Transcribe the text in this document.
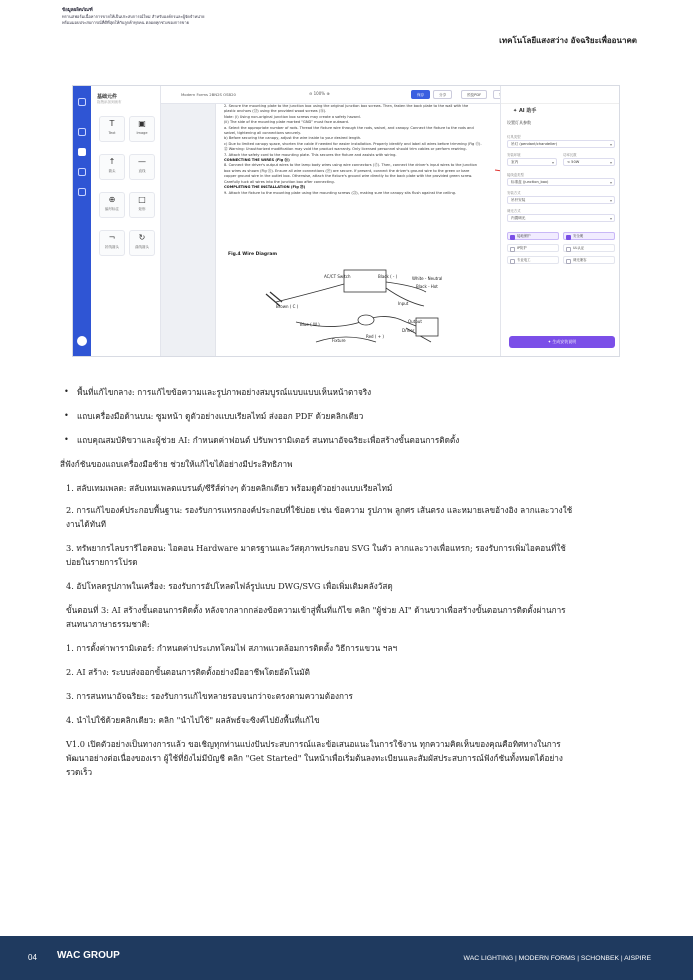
ข้อมูลผลิตภัณฑ์
ทรานสฟอร์มเนื้อหาการขายให้เป็นประสบการณ์ใหม่ สำหรับองค์กรและผู้จัดจำหน่าย
พร้อมมอบประสบการณ์ที่ดีที่สุดให้กับลูกค้าทุกคน ตลอดทุกช่วงของการขาย
เทคโนโลยีแสงสว่าง อัจฉริยะเพื่ออนาคต
基础元件
拖拽添加到画布
T
Text
▣
Image
↑
箭头
—
直线
⊕
编号标注
□
矩形
¬
折线箭头
↻
曲线箭头
Modern Forms 2BN2S OSB20	⊖ 100% ⊕	保存	分享	预览PDF
2. Secure the mounting plate to the junction box using the original junction box screws. Then, fasten the back plate to the wall with the
plastic anchors (⑬) using the provided wood screws (⑭).
Note: (i) Using non-original junction box screws may create a safety hazard.
(ii) The side of the mounting plate marked “GND” must face outward.
a. Select the appropriate number of rods. Thread the fixture wire through the rods, swivel, and canopy. Connect the fixture to the rods and
swivel, tightening all connections securely.
b) Before securing the canopy, adjust the wire inside to your desired length.
c) Due to limited canopy space, shorten the cable if needed for easier installation. Properly identify and label all wires before trimming (Fig ⑮).
⑫ Warning: Unauthorized modification may void the product warranty. Only licensed personnel should trim cables or perform rewiring.
7. Attach the safety cord to the mounting plate. This secures the fixture and assists with wiring.
CONNECTING THE WIRES (Fig ⑯)
8. Connect the driver's output wires to the lamp body wires using wire connectors (⑰). Then, connect the driver's input wires to the junction
box wires as shown (Fig ⑱). Ensure all wire connections (⑲) are secure. If present, connect the driver's ground wire to the green or bare
copper ground wire in the outlet box. Otherwise, attach the fixture's ground wire directly to the back plate with the provided green screw.
Carefully tuck all wires into the junction box after connecting.
COMPLETING THE INSTALLATION (Fig ⑳)
9. Attach the fixture to the mounting plate using the mounting screws (㉑), making sure the canopy sits flush against the ceiling.
Fig.4 Wire Diagram
AC/CT Switch	Black ( - )	White - Neutral
Black - Hot
Brown ( C )
Input
Blue ( W )
Output
Driver
Red ( + )
Fixture
✦ AI 助手
设置灯具参数
灯具类型
吊灯 (pendant/chandelier) ▾
安装环境	功率瓦数
室内 ▾	< 50W ▾
接线盒类型
标准盒 (junction_box) ▾
安装方式
吊杆安装 ▾
调光方式
内置调光 ▾
接地保护	安全绳
IP防护	UL认证
专业电工	调光兼容
✦ 生成安装说明
• พื้นที่แก้ไขกลาง: การแก้ไขข้อความและรูปภาพอย่างสมบูรณ์แบบแบบเห็นหน้าตาจริง
• แถบเครื่องมือด้านบน: ซูมหน้า ดูตัวอย่างแบบเรียลไทม์ ส่งออก PDF ด้วยคลิกเดียว
• แถบคุณสมบัติขวาและผู้ช่วย AI: กำหนดค่าฟอนต์ ปรับพารามิเตอร์ สนทนาอัจฉริยะเพื่อสร้างขั้นตอนการติดตั้ง
สี่ฟังก์ชันของแถบเครื่องมือซ้าย ช่วยให้แก้ไขได้อย่างมีประสิทธิภาพ
1. สลับเทมเพลต: สลับเทมเพลตแบรนด์/ซีรีส์ต่างๆ ด้วยคลิกเดียว พร้อมดูตัวอย่างแบบเรียลไทม์
2. การแก้ไของค์ประกอบพื้นฐาน: รองรับการแทรกองค์ประกอบที่ใช้บ่อย เช่น ข้อความ รูปภาพ ลูกศร เส้นตรง และหมายเลขอ้างอิง ลากและวางใช้
งานได้ทันที
3. ทรัพยากรไลบรารีไอคอน: ไอคอน Hardware มาตรฐานและวัสดุภาพประกอบ SVG ในตัว ลากและวางเพื่อแทรก; รองรับการเพิ่มไอคอนที่ใช้
บ่อยในรายการโปรด
4. อัปโหลดรูปภาพในเครื่อง: รองรับการอัปโหลดไฟล์รูปแบบ DWG/SVG เพื่อเพิ่มเติมคลังวัสดุ
ขั้นตอนที่ 3: AI สร้างขั้นตอนการติดตั้ง หลังจากลากกล่องข้อความเข้าสู่พื้นที่แก้ไข คลิก "ผู้ช่วย AI" ด้านขวาเพื่อสร้างขั้นตอนการติดตั้งผ่านการ
สนทนาภาษาธรรมชาติ:
1. การตั้งค่าพารามิเตอร์: กำหนดค่าประเภทโคมไฟ สภาพแวดล้อมการติดตั้ง วิธีการแขวน ฯลฯ
2. AI สร้าง: ระบบส่งออกขั้นตอนการติดตั้งอย่างมืออาชีพโดยอัตโนมัติ
3. การสนทนาอัจฉริยะ: รองรับการแก้ไขหลายรอบจนกว่าจะตรงตามความต้องการ
4. นำไปใช้ด้วยคลิกเดียว: คลิก "นำไปใช้" ผลลัพธ์จะซิงค์ไปยังพื้นที่แก้ไข
V1.0 เปิดตัวอย่างเป็นทางการแล้ว ขอเชิญทุกท่านแบ่งปันประสบการณ์และข้อเสนอแนะในการใช้งาน ทุกความคิดเห็นของคุณคือทิศทางในการ
พัฒนาอย่างต่อเนื่องของเรา ผู้ใช้ที่ยังไม่มีบัญชี คลิก "Get Started" ในหน้าเพื่อเริ่มต้นลงทะเบียนและสัมผัสประสบการณ์ฟังก์ชันทั้งหมดได้อย่าง
รวดเร็ว
04 WAC GROUP	WAC LIGHTING | MODERN FORMS | SCHONBEK | AISPIRE
